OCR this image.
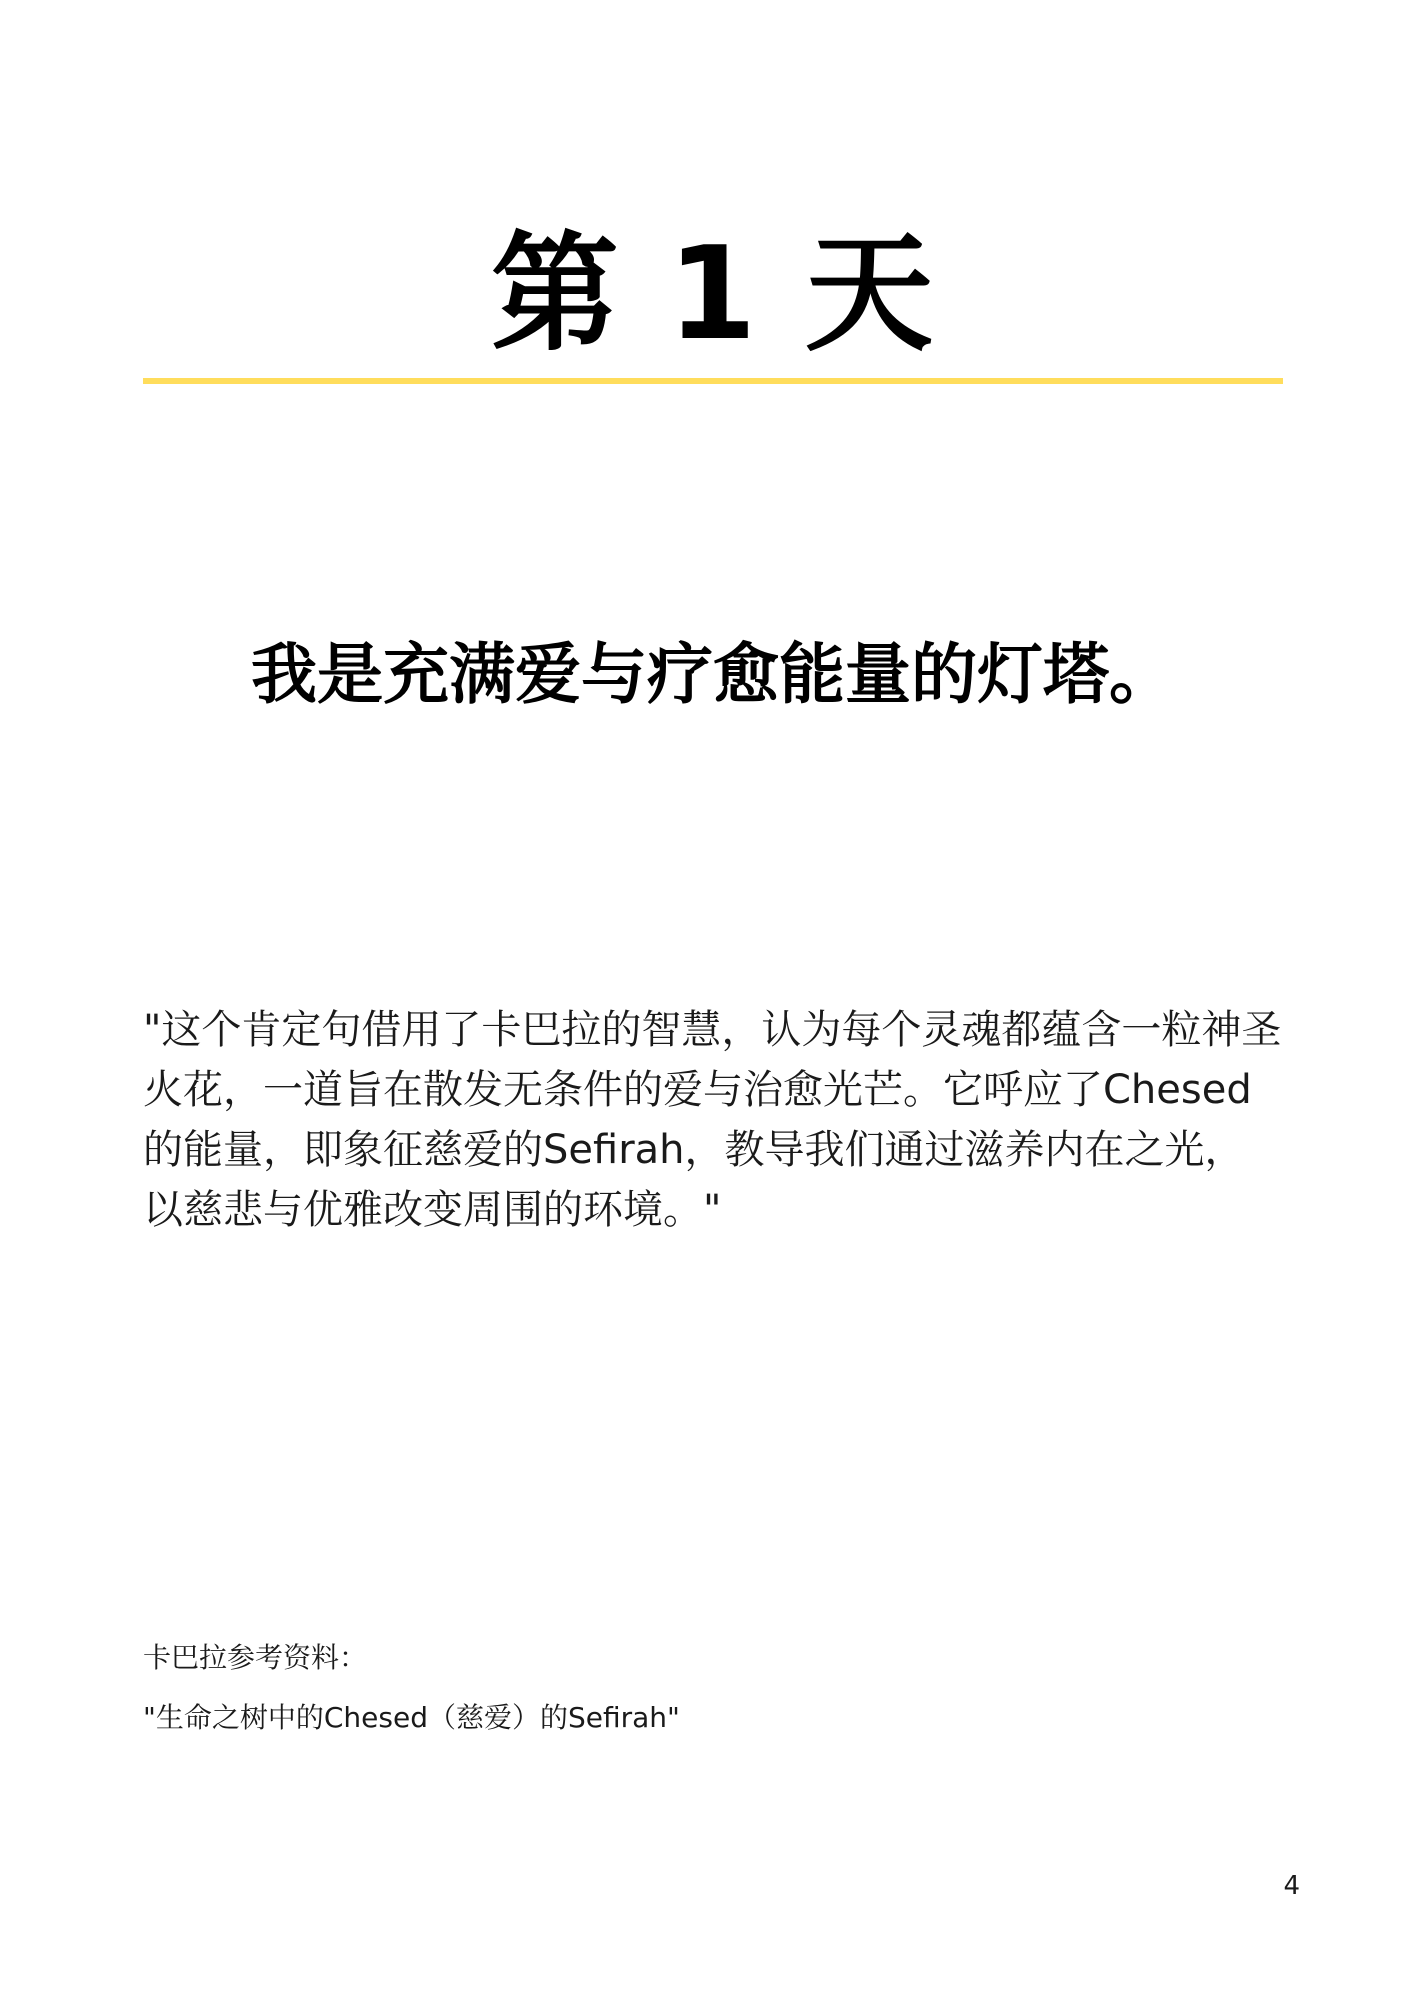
第 1 天
我是充满爱与疗愈能量的灯塔。

"这个肯定句借用了卡巴拉的智慧，认为每个灵魂都蕴含一粒神圣火花，一道旨在散发无条件的爱与治愈光芒。它呼应了Chesed的能量，即象征慈爱的Sefirah，教导我们通过滋养内在之光，以慈悲与优雅改变周围的环境。"

卡巴拉参考资料：

"生命之树中的Chesed（慈爱）的Sefirah"

4
